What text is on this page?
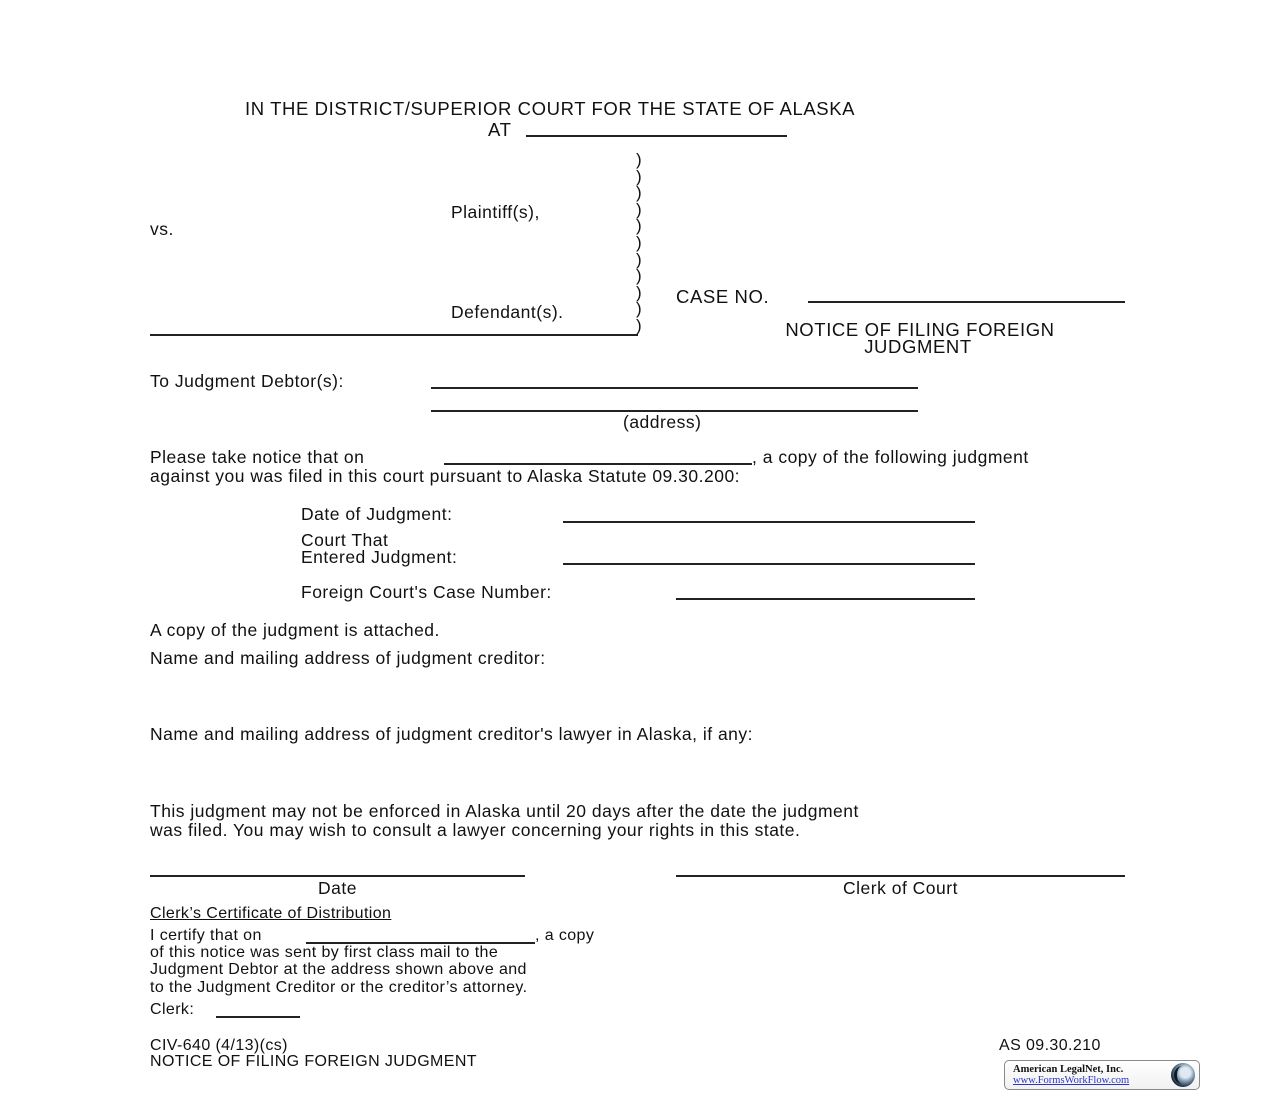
IN THE DISTRICT/SUPERIOR COURT FOR THE STATE OF ALASKA
AT
Plaintiff(s),
vs.
Defendant(s).
)
)
)
)
)
)
)
)
)
)
)
CASE NO.
NOTICE OF FILING FOREIGN
JUDGMENT
To Judgment Debtor(s):
(address)
Please take notice that on	, a copy of the following judgment
against you was filed in this court pursuant to Alaska Statute 09.30.200:
Date of Judgment:
Court That
Entered Judgment:
Foreign Court's Case Number:
A copy of the judgment is attached.
Name and mailing address of judgment creditor:
Name and mailing address of judgment creditor's lawyer in Alaska, if any:
This judgment may not be enforced in Alaska until 20 days after the date the judgment
was filed. You may wish to consult a lawyer concerning your rights in this state.
Date	Clerk of Court
Clerk’s Certificate of Distribution
I certify that on	, a copy
of this notice was sent by first class mail to the
Judgment Debtor at the address shown above and
to the Judgment Creditor or the creditor’s attorney.
Clerk:
CIV-640 (4/13)(cs)
NOTICE OF FILING FOREIGN JUDGMENT
AS 09.30.210
American LegalNet, Inc.
www.FormsWorkFlow.com
